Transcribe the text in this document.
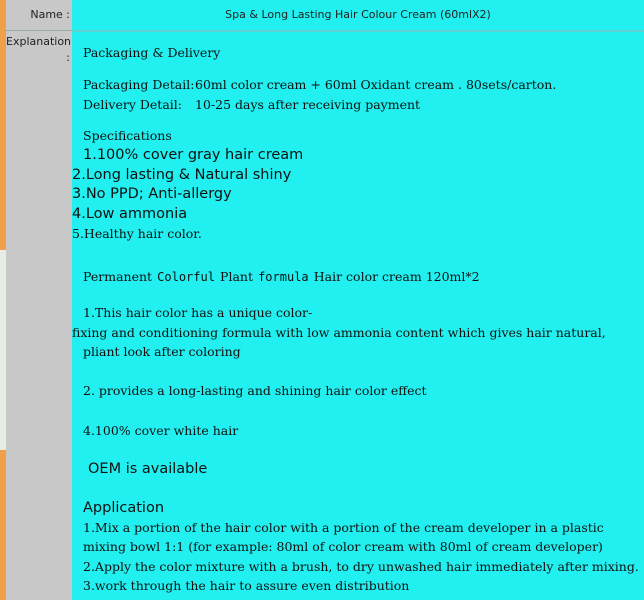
Name :
Explanation
:
Spa & Long Lasting Hair Colour Cream (60mlX2)
Packaging & Delivery
Packaging Detail: 60ml color cream + 60ml Oxidant cream . 80sets/carton.
Delivery Detail: 10-25 days after receiving payment
Specifications
1.100% cover gray hair cream
2.Long lasting & Natural shiny
3.No PPD; Anti-allergy
4.Low ammonia
5.Healthy hair color.
Permanent Colorful Plant formula Hair color cream 120ml*2
1.This hair color has a unique color-
fixing and conditioning formula with low ammonia content which gives hair natural,
pliant look after coloring
2. provides a long-lasting and shining hair color effect
4.100% cover white hair
OEM is available
Application
1.Mix a portion of the hair color with a portion of the cream developer in a plastic
mixing bowl 1:1 (for example: 80ml of color cream with 80ml of cream developer)
2.Apply the color mixture with a brush, to dry unwashed hair immediately after mixing.
3.work through the hair to assure even distribution
